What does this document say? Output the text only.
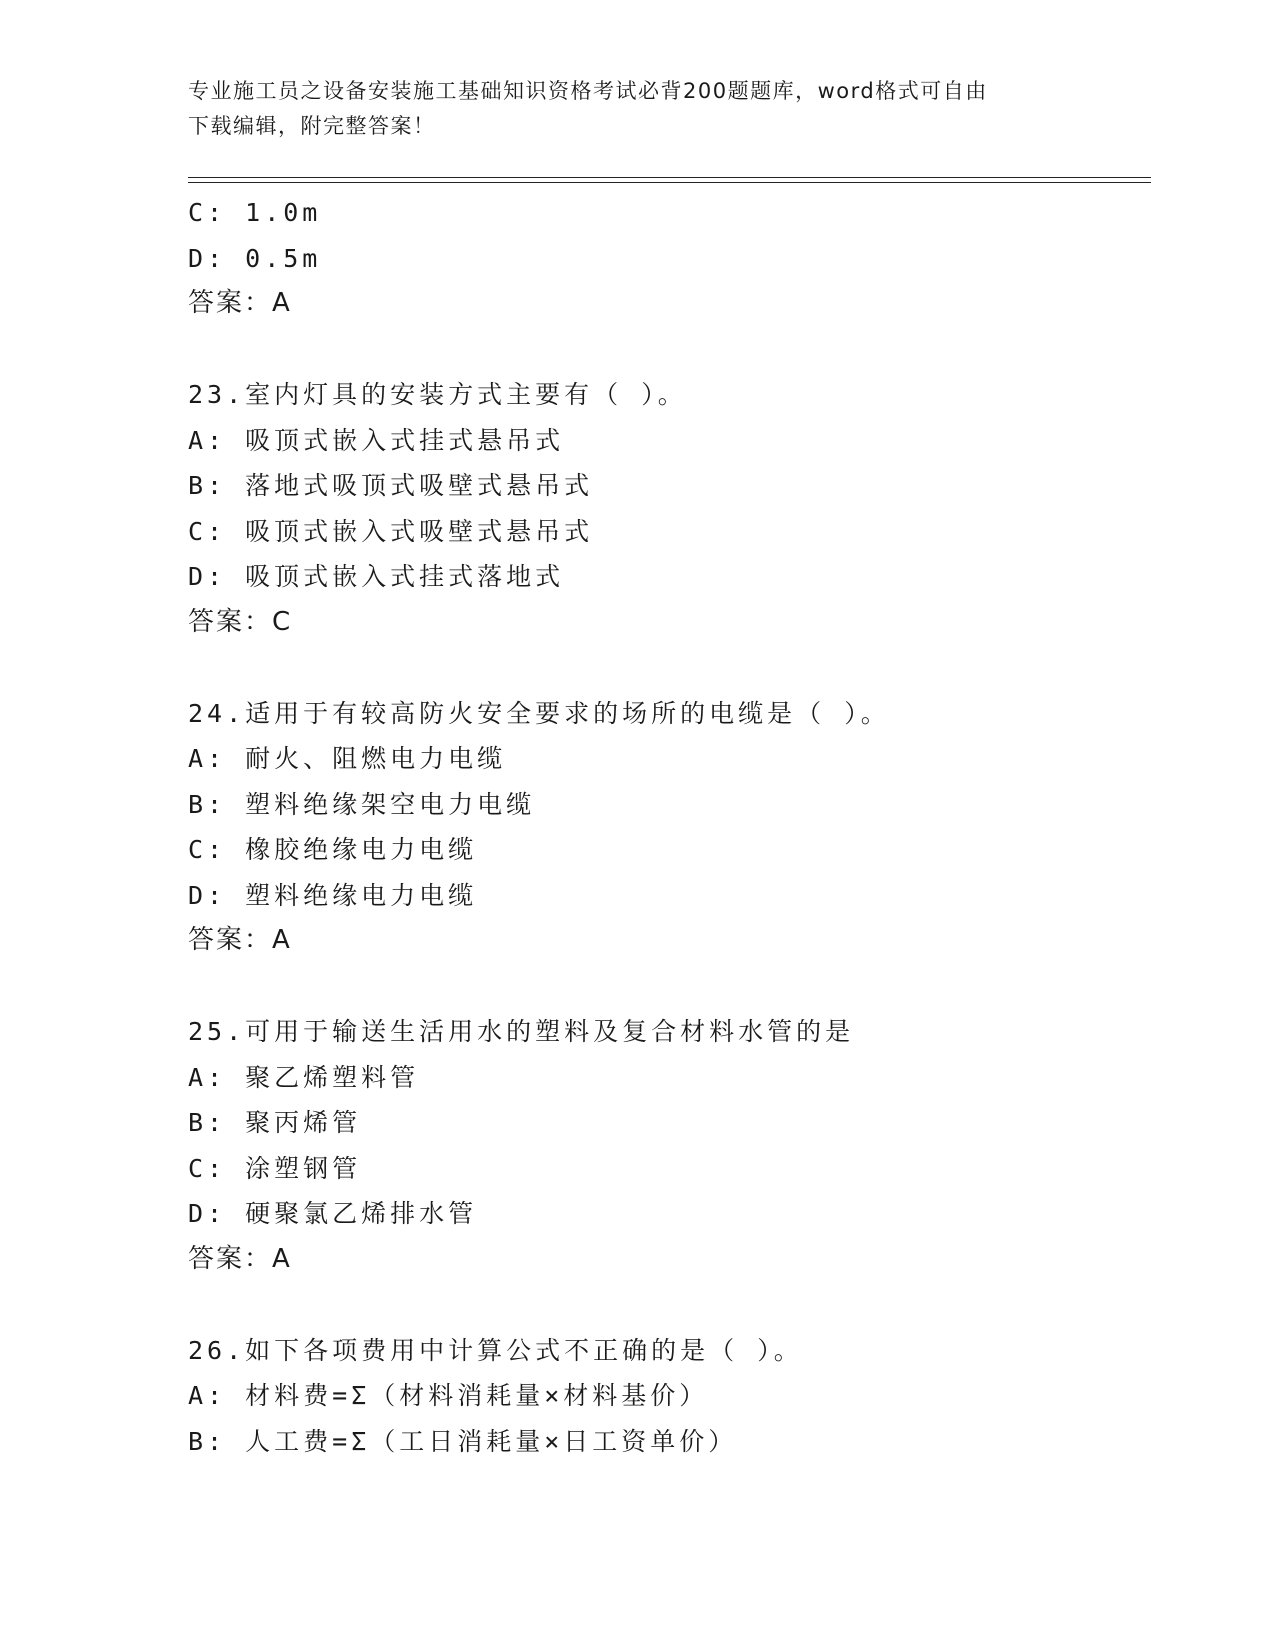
专业施工员之设备安装施工基础知识资格考试必背200题题库，word格式可自由
下载编辑，附完整答案！
C: 1.0m
D: 0.5m
答案：A
23.室内灯具的安装方式主要有（ ）。
A: 吸顶式嵌入式挂式悬吊式
B: 落地式吸顶式吸壁式悬吊式
C: 吸顶式嵌入式吸壁式悬吊式
D: 吸顶式嵌入式挂式落地式
答案：C
24.适用于有较高防火安全要求的场所的电缆是（ ）。
A: 耐火、阻燃电力电缆
B: 塑料绝缘架空电力电缆
C: 橡胶绝缘电力电缆
D: 塑料绝缘电力电缆
答案：A
25.可用于输送生活用水的塑料及复合材料水管的是
A: 聚乙烯塑料管
B: 聚丙烯管
C: 涂塑钢管
D: 硬聚氯乙烯排水管
答案：A
26.如下各项费用中计算公式不正确的是（ ）。
A: 材料费=Σ（材料消耗量×材料基价）
B: 人工费=Σ（工日消耗量×日工资单价）
